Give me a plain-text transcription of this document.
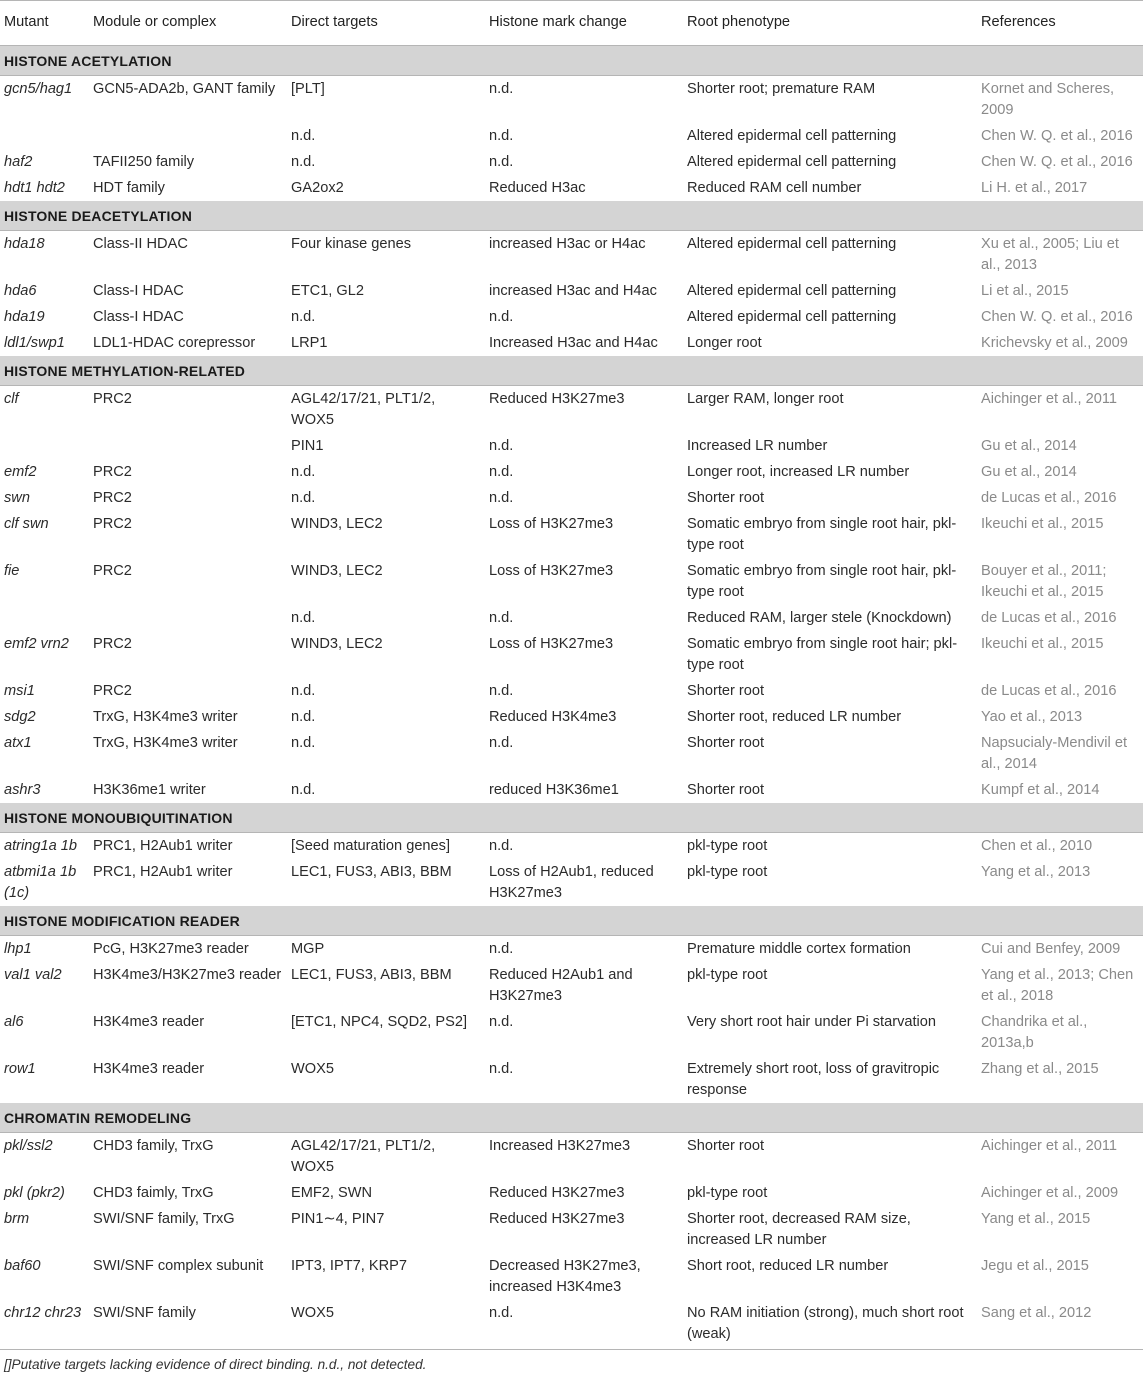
Mutant	Module or complex	Direct targets	Histone mark change	Root phenotype	References
HISTONE ACETYLATION					
gcn5/hag1	GCN5-ADA2b, GANT family	[PLT]	n.d.	Shorter root; premature RAM	Kornet and Scheres, 2009
		n.d.	n.d.	Altered epidermal cell patterning	Chen W. Q. et al., 2016
haf2	TAFII250 family	n.d.	n.d.	Altered epidermal cell patterning	Chen W. Q. et al., 2016
hdt1 hdt2	HDT family	GA2ox2	Reduced H3ac	Reduced RAM cell number	Li H. et al., 2017
HISTONE DEACETYLATION					
hda18	Class-II HDAC	Four kinase genes	increased H3ac or H4ac	Altered epidermal cell patterning	Xu et al., 2005; Liu et al., 2013
hda6	Class-I HDAC	ETC1, GL2	increased H3ac and H4ac	Altered epidermal cell patterning	Li et al., 2015
hda19	Class-I HDAC	n.d.	n.d.	Altered epidermal cell patterning	Chen W. Q. et al., 2016
ldl1/swp1	LDL1-HDAC corepressor	LRP1	Increased H3ac and H4ac	Longer root	Krichevsky et al., 2009
HISTONE METHYLATION-RELATED					
clf	PRC2	AGL42/17/21, PLT1/2, WOX5	Reduced H3K27me3	Larger RAM, longer root	Aichinger et al., 2011
		PIN1	n.d.	Increased LR number	Gu et al., 2014
emf2	PRC2	n.d.	n.d.	Longer root, increased LR number	Gu et al., 2014
swn	PRC2	n.d.	n.d.	Shorter root	de Lucas et al., 2016
clf swn	PRC2	WIND3, LEC2	Loss of H3K27me3	Somatic embryo from single root hair, pkl-type root	Ikeuchi et al., 2015
fie	PRC2	WIND3, LEC2	Loss of H3K27me3	Somatic embryo from single root hair, pkl-type root	Bouyer et al., 2011; Ikeuchi et al., 2015
		n.d.	n.d.	Reduced RAM, larger stele (Knockdown)	de Lucas et al., 2016
emf2 vrn2	PRC2	WIND3, LEC2	Loss of H3K27me3	Somatic embryo from single root hair; pkl-type root	Ikeuchi et al., 2015
msi1	PRC2	n.d.	n.d.	Shorter root	de Lucas et al., 2016
sdg2	TrxG, H3K4me3 writer	n.d.	Reduced H3K4me3	Shorter root, reduced LR number	Yao et al., 2013
atx1	TrxG, H3K4me3 writer	n.d.	n.d.	Shorter root	Napsucialy-Mendivil et al., 2014
ashr3	H3K36me1 writer	n.d.	reduced H3K36me1	Shorter root	Kumpf et al., 2014
HISTONE MONOUBIQUITINATION					
atring1a 1b	PRC1, H2Aub1 writer	[Seed maturation genes]	n.d.	pkl-type root	Chen et al., 2010
atbmi1a 1b (1c)	PRC1, H2Aub1 writer	LEC1, FUS3, ABI3, BBM	Loss of H2Aub1, reduced H3K27me3	pkl-type root	Yang et al., 2013
HISTONE MODIFICATION READER					
lhp1	PcG, H3K27me3 reader	MGP	n.d.	Premature middle cortex formation	Cui and Benfey, 2009
val1 val2	H3K4me3/H3K27me3 reader	LEC1, FUS3, ABI3, BBM	Reduced H2Aub1 and H3K27me3	pkl-type root	Yang et al., 2013; Chen et al., 2018
al6	H3K4me3 reader	[ETC1, NPC4, SQD2, PS2]	n.d.	Very short root hair under Pi starvation	Chandrika et al., 2013a,b
row1	H3K4me3 reader	WOX5	n.d.	Extremely short root, loss of gravitropic response	Zhang et al., 2015
CHROMATIN REMODELING					
pkl/ssl2	CHD3 family, TrxG	AGL42/17/21, PLT1/2, WOX5	Increased H3K27me3	Shorter root	Aichinger et al., 2011
pkl (pkr2)	CHD3 faimly, TrxG	EMF2, SWN	Reduced H3K27me3	pkl-type root	Aichinger et al., 2009
brm	SWI/SNF family, TrxG	PIN1∼4, PIN7	Reduced H3K27me3	Shorter root, decreased RAM size, increased LR number	Yang et al., 2015
baf60	SWI/SNF complex subunit	IPT3, IPT7, KRP7	Decreased H3K27me3, increased H3K4me3	Short root, reduced LR number	Jegu et al., 2015
chr12 chr23	SWI/SNF family	WOX5	n.d.	No RAM initiation (strong), much short root (weak)	Sang et al., 2012
[]Putative targets lacking evidence of direct binding. n.d., not detected.
